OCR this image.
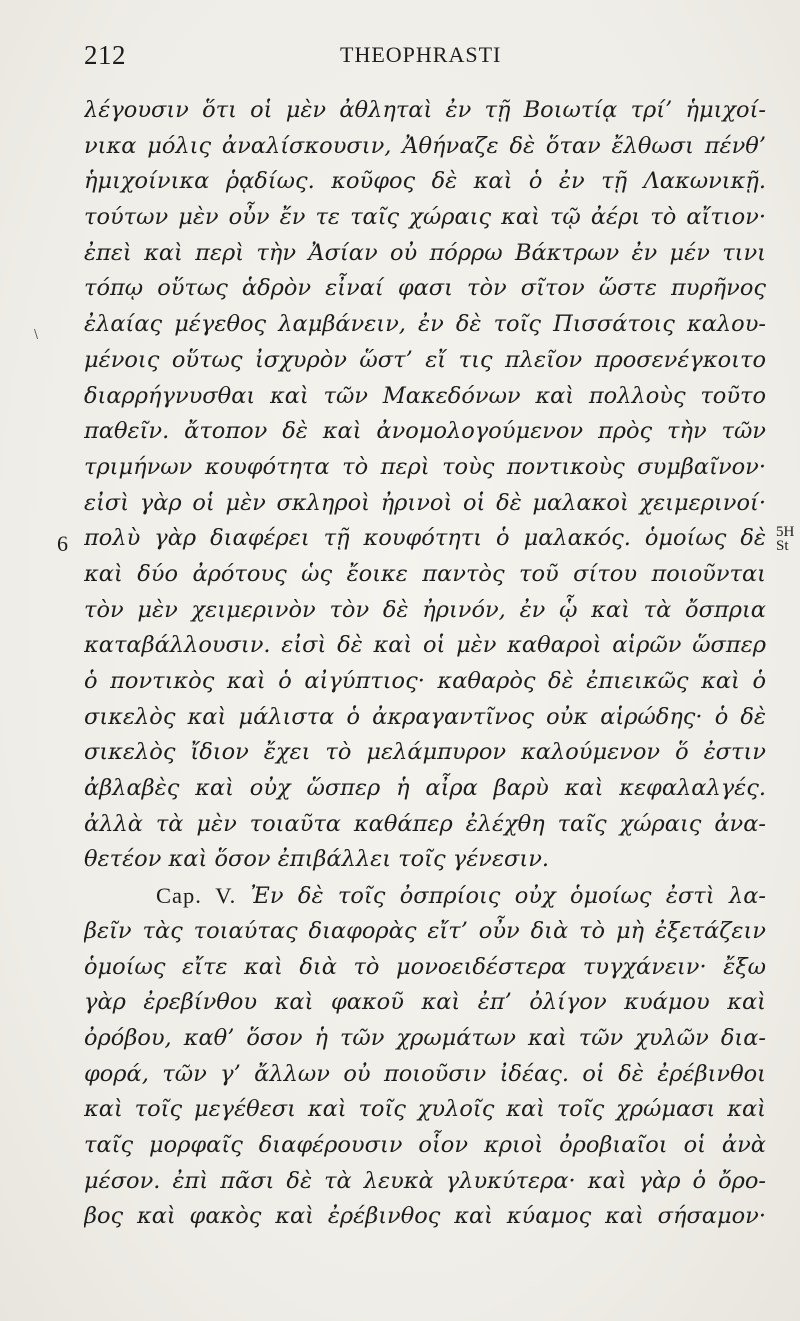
212	THEOPHRASTI
6	5H
St
λέγουσιν ὅτι οἱ μὲν ἀθληταὶ ἐν τῇ Βοιωτίᾳ τρί’ ἡμιχοί-
νικα μόλις ἀναλίσκουσιν, Ἀθήναζε δὲ ὅταν ἔλθωσι πένθ’
ἡμιχοίνικα ῥᾳδίως. κοῦφος δὲ καὶ ὁ ἐν τῇ Λακωνικῇ.
τούτων μὲν οὖν ἔν τε ταῖς χώραις καὶ τῷ ἀέρι τὸ αἴτιον·
ἐπεὶ καὶ περὶ τὴν Ἀσίαν οὐ πόρρω Βάκτρων ἐν μέν τινι
τόπῳ οὕτως ἁδρὸν εἶναί φασι τὸν σῖτον ὥστε πυρῆνος
ἐλαίας μέγεθος λαμβάνειν, ἐν δὲ τοῖς Πισσάτοις καλου-
μένοις οὕτως ἰσχυρὸν ὥστ’ εἴ τις πλεῖον προσενέγκοιτο
διαρρήγνυσθαι καὶ τῶν Μακεδόνων καὶ πολλοὺς τοῦτο
παθεῖν. ἄτοπον δὲ καὶ ἀνομολογούμενον πρὸς τὴν τῶν
τριμήνων κουφότητα τὸ περὶ τοὺς ποντικοὺς συμβαῖνον·
εἰσὶ γὰρ οἱ μὲν σκληροὶ ἠρινοὶ οἱ δὲ μαλακοὶ χειμερινοί·
πολὺ γὰρ διαφέρει τῇ κουφότητι ὁ μαλακός. ὁμοίως δὲ
καὶ δύο ἀρότους ὡς ἔοικε παντὸς τοῦ σίτου ποιοῦνται
τὸν μὲν χειμερινὸν τὸν δὲ ἠρινόν, ἐν ᾧ καὶ τὰ ὄσπρια
καταβάλλουσιν. εἰσὶ δὲ καὶ οἱ μὲν καθαροὶ αἱρῶν ὥσπερ
ὁ ποντικὸς καὶ ὁ αἰγύπτιος· καθαρὸς δὲ ἐπιεικῶς καὶ ὁ
σικελὸς καὶ μάλιστα ὁ ἀκραγαντῖνος οὐκ αἱρώδης· ὁ δὲ
σικελὸς ἴδιον ἔχει τὸ μελάμπυρον καλούμενον ὅ ἐστιν
ἀβλαβὲς καὶ οὐχ ὥσπερ ἡ αἶρα βαρὺ καὶ κεφαλαλγές.
ἀλλὰ τὰ μὲν τοιαῦτα καθάπερ ἐλέχθη ταῖς χώραις ἀνα-
θετέον καὶ ὅσον ἐπιβάλλει τοῖς γένεσιν.
Cap. V. Ἐν δὲ τοῖς ὀσπρίοις οὐχ ὁμοίως ἐστὶ λα-
βεῖν τὰς τοιαύτας διαφορὰς εἴτ’ οὖν διὰ τὸ μὴ ἐξετάζειν
ὁμοίως εἴτε καὶ διὰ τὸ μονοειδέστερα τυγχάνειν· ἔξω
γὰρ ἐρεβίνθου καὶ φακοῦ καὶ ἐπ’ ὀλίγον κυάμου καὶ
ὀρόβου, καθ’ ὅσον ἡ τῶν χρωμάτων καὶ τῶν χυλῶν δια-
φορά, τῶν γ’ ἄλλων οὐ ποιοῦσιν ἰδέας. οἱ δὲ ἐρέβινθοι
καὶ τοῖς μεγέθεσι καὶ τοῖς χυλοῖς καὶ τοῖς χρώμασι καὶ
ταῖς μορφαῖς διαφέρουσιν οἷον κριοὶ ὀροβιαῖοι οἱ ἀνὰ
μέσον. ἐπὶ πᾶσι δὲ τὰ λευκὰ γλυκύτερα· καὶ γὰρ ὁ ὄρο-
βος καὶ φακὸς καὶ ἐρέβινθος καὶ κύαμος καὶ σήσαμον·
\
